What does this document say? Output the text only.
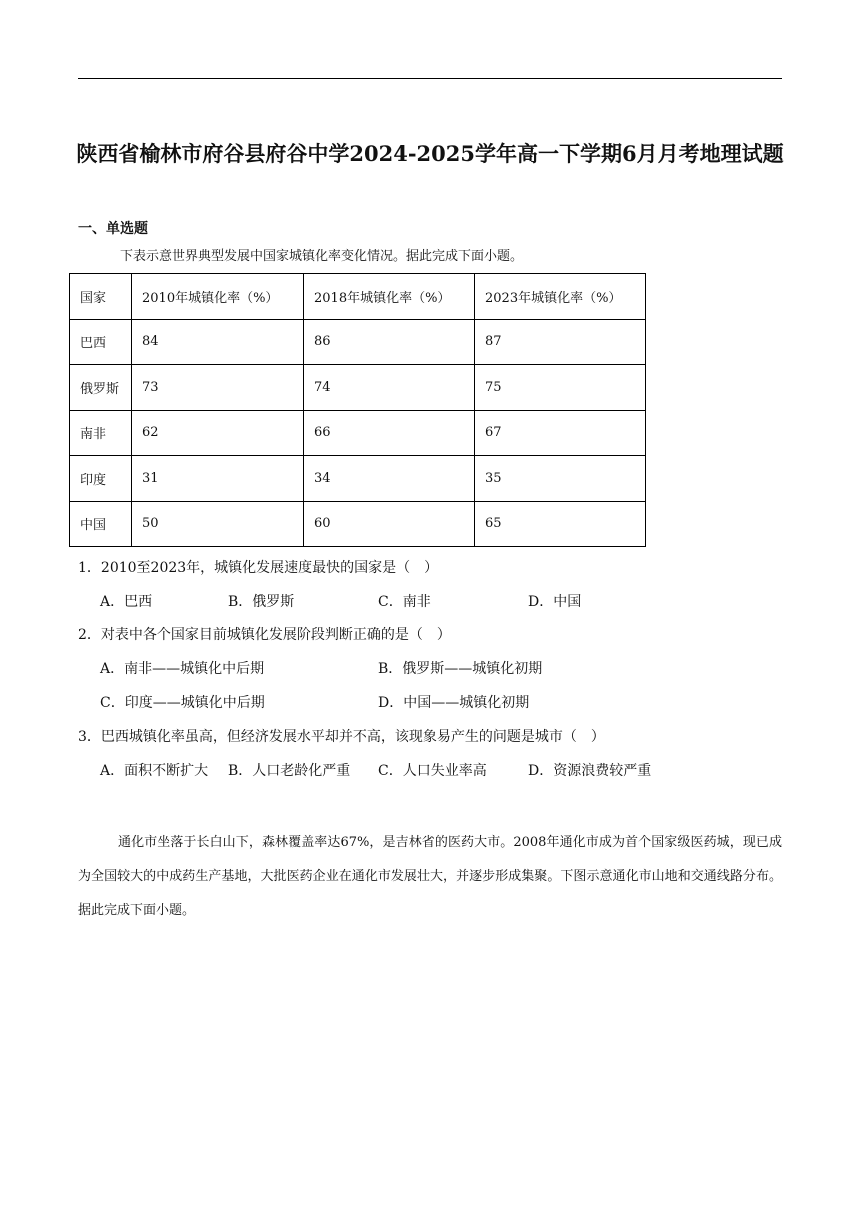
陕西省榆林市府谷县府谷中学2024-2025学年高一下学期6月月考地理试题
一、单选题
下表示意世界典型发展中国家城镇化率变化情况。据此完成下面小题。
国家	2010年城镇化率（%）	2018年城镇化率（%）	2023年城镇化率（%）
巴西	84	86	87
俄罗斯	73	74	75
南非	62	66	67
印度	31	34	35
中国	50	60	65
1．2010至2023年，城镇化发展速度最快的国家是（　）
A．巴西	B．俄罗斯	C．南非	D．中国
2．对表中各个国家目前城镇化发展阶段判断正确的是（　）
A．南非——城镇化中后期	B．俄罗斯——城镇化初期
C．印度——城镇化中后期	D．中国——城镇化初期
3．巴西城镇化率虽高，但经济发展水平却并不高，该现象易产生的问题是城市（　）
A．面积不断扩大 B．人口老龄化严重 C．人口失业率高	D．资源浪费较严重
通化市坐落于长白山下，森林覆盖率达67%，是吉林省的医药大市。2008年通化市成为首个国家级医药城，现已成为全国较大的中成药生产基地，大批医药企业在通化市发展壮大，并逐步形成集聚。下图示意通化市山地和交通线路分布。据此完成下面小题。
